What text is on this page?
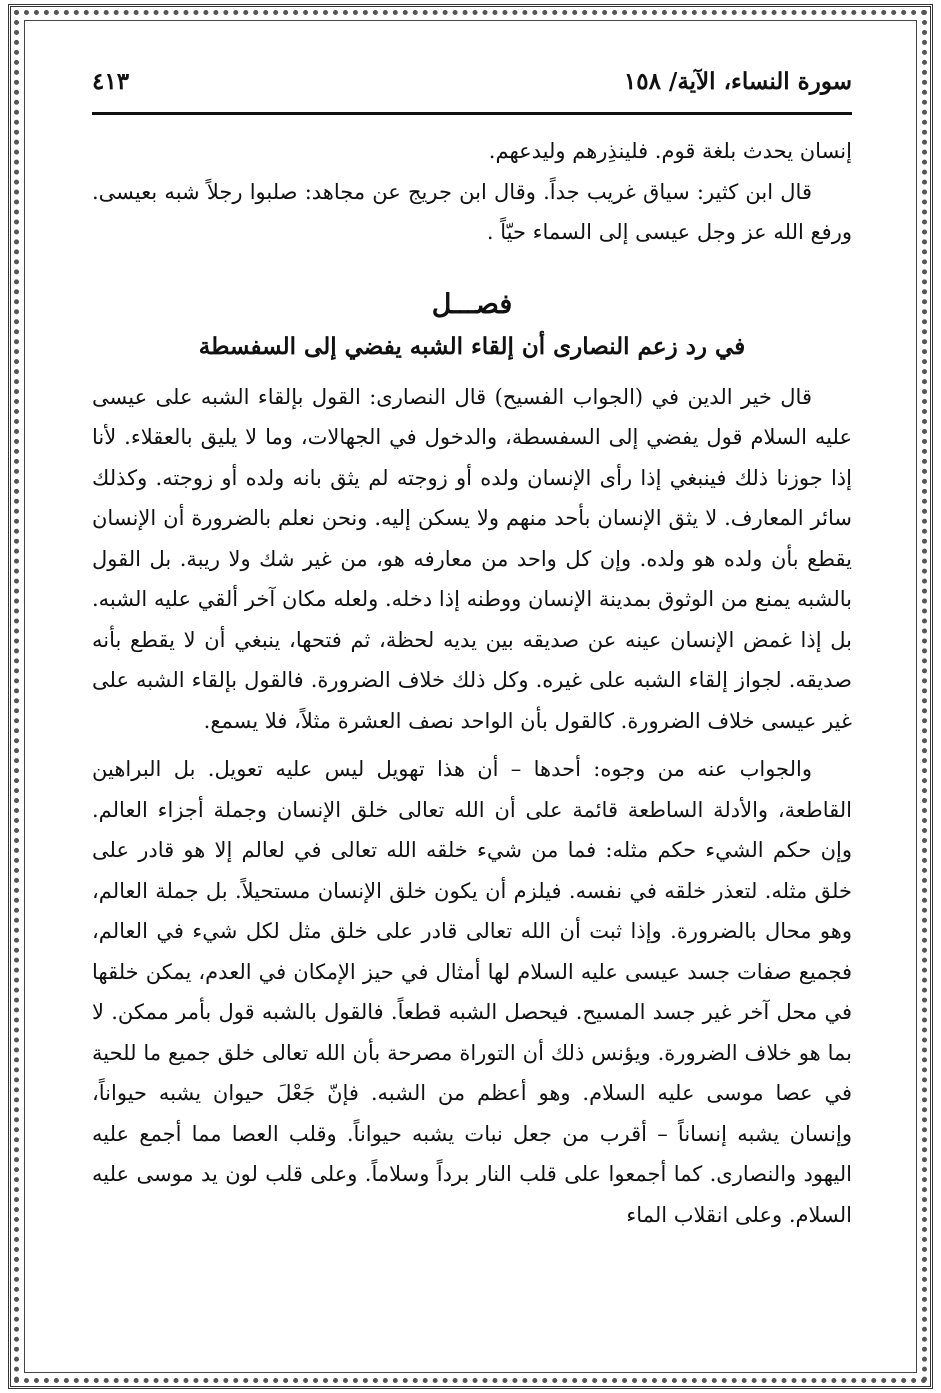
سورة النساء، الآية/ ١٥٨
٤١٣

إنسان يحدث بلغة قوم. فلينذِرهم وليدعهم.

قال ابن كثير: سياق غريب جداً. وقال ابن جريج عن مجاهد: صلبوا رجلاً شبه بعيسى. ورفع الله عز وجل عيسى إلى السماء حيّاً .

فصـــل
في رد زعم النصارى أن إلقاء الشبه يفضي إلى السفسطة

قال خير الدين في (الجواب الفسيح) قال النصارى: القول بإلقاء الشبه على عيسى عليه السلام قول يفضي إلى السفسطة، والدخول في الجهالات، وما لا يليق بالعقلاء. لأنا إذا جوزنا ذلك فينبغي إذا رأى الإنسان ولده أو زوجته لم يثق بانه ولده أو زوجته. وكذلك سائر المعارف. لا يثق الإنسان بأحد منهم ولا يسكن إليه. ونحن نعلم بالضرورة أن الإنسان يقطع بأن ولده هو ولده. وإن كل واحد من معارفه هو، من غير شك ولا ريبة. بل القول بالشبه يمنع من الوثوق بمدينة الإنسان ووطنه إذا دخله. ولعله مكان آخر ألقي عليه الشبه. بل إذا غمض الإنسان عينه عن صديقه بين يديه لحظة، ثم فتحها، ينبغي أن لا يقطع بأنه صديقه. لجواز إلقاء الشبه على غيره. وكل ذلك خلاف الضرورة. فالقول بإلقاء الشبه على غير عيسى خلاف الضرورة. كالقول بأن الواحد نصف العشرة مثلاً، فلا يسمع.

والجواب عنه من وجوه: أحدها – أن هذا تهويل ليس عليه تعويل. بل البراهين القاطعة، والأدلة الساطعة قائمة على أن الله تعالى خلق الإنسان وجملة أجزاء العالم. وإن حكم الشيء حكم مثله: فما من شيء خلقه الله تعالى في لعالم إلا هو قادر على خلق مثله. لتعذر خلقه في نفسه. فيلزم أن يكون خلق الإنسان مستحيلاً. بل جملة العالم، وهو محال بالضرورة. وإذا ثبت أن الله تعالى قادر على خلق مثل لكل شيء في العالم، فجميع صفات جسد عيسى عليه السلام لها أمثال في حيز الإمكان في العدم، يمكن خلقها في محل آخر غير جسد المسيح. فيحصل الشبه قطعاً. فالقول بالشبه قول بأمر ممكن. لا بما هو خلاف الضرورة. ويؤنس ذلك أن التوراة مصرحة بأن الله تعالى خلق جميع ما للحية في عصا موسى عليه السلام. وهو أعظم من الشبه. فإنّ جَعْلَ حيوان يشبه حيواناً، وإنسان يشبه إنساناً – أقرب من جعل نبات يشبه حيواناً. وقلب العصا مما أجمع عليه اليهود والنصارى. كما أجمعوا على قلب النار برداً وسلاماً. وعلى قلب لون يد موسى عليه السلام. وعلى انقلاب الماء
